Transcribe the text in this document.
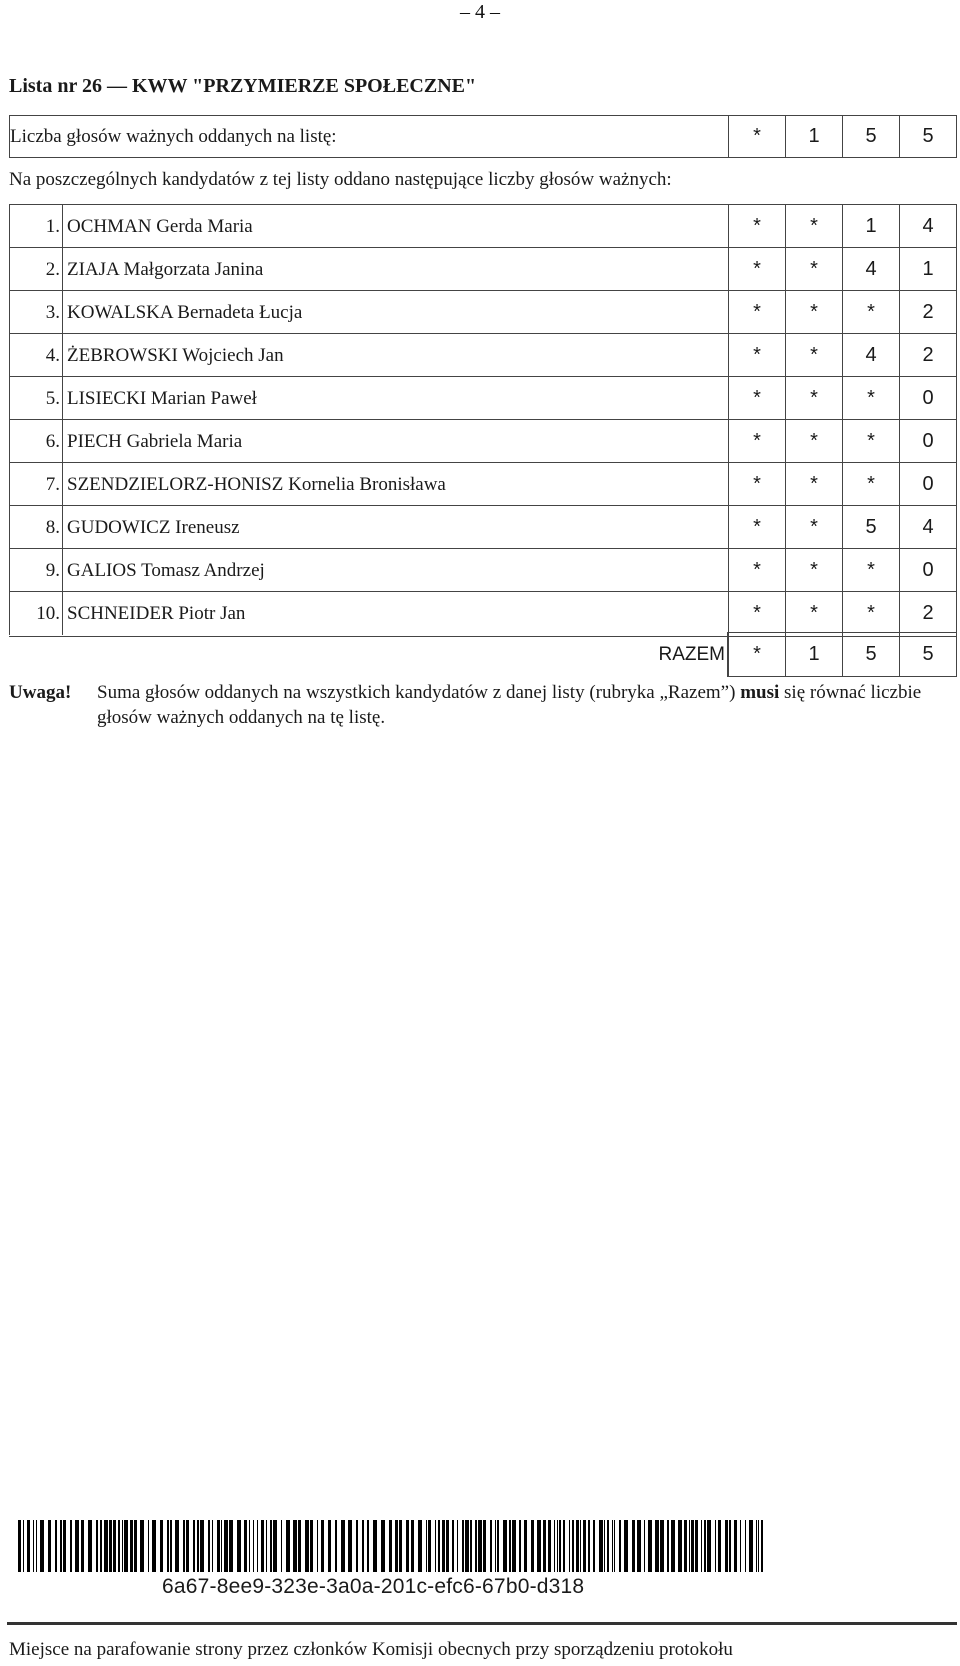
– 4 –
Lista nr 26 — KWW "PRZYMIERZE SPOŁECZNE"
Liczba głosów ważnych oddanych na listę:	*	1	5	5
Na poszczególnych kandydatów z tej listy oddano następujące liczby głosów ważnych:
1. OCHMAN Gerda Maria	*	*	1	4
2. ZIAJA Małgorzata Janina	*	*	4	1
3. KOWALSKA Bernadeta Łucja	*	*	*	2
4. ŻEBROWSKI Wojciech Jan	*	*	4	2
5. LISIECKI Marian Paweł	*	*	*	0
6. PIECH Gabriela Maria	*	*	*	0
7. SZENDZIELORZ-HONISZ Kornelia Bronisława	*	*	*	0
8. GUDOWICZ Ireneusz	*	*	5	4
9. GALIOS Tomasz Andrzej	*	*	*	0
10. SCHNEIDER Piotr Jan	*	*	*	2
RAZEM	*	1	5	5
Uwaga! Suma głosów oddanych na wszystkich kandydatów z danej listy (rubryka „Razem”) musi się równać liczbie głosów ważnych oddanych na tę listę.
6a67-8ee9-323e-3a0a-201c-efc6-67b0-d318
Miejsce na parafowanie strony przez członków Komisji obecnych przy sporządzeniu protokołu
